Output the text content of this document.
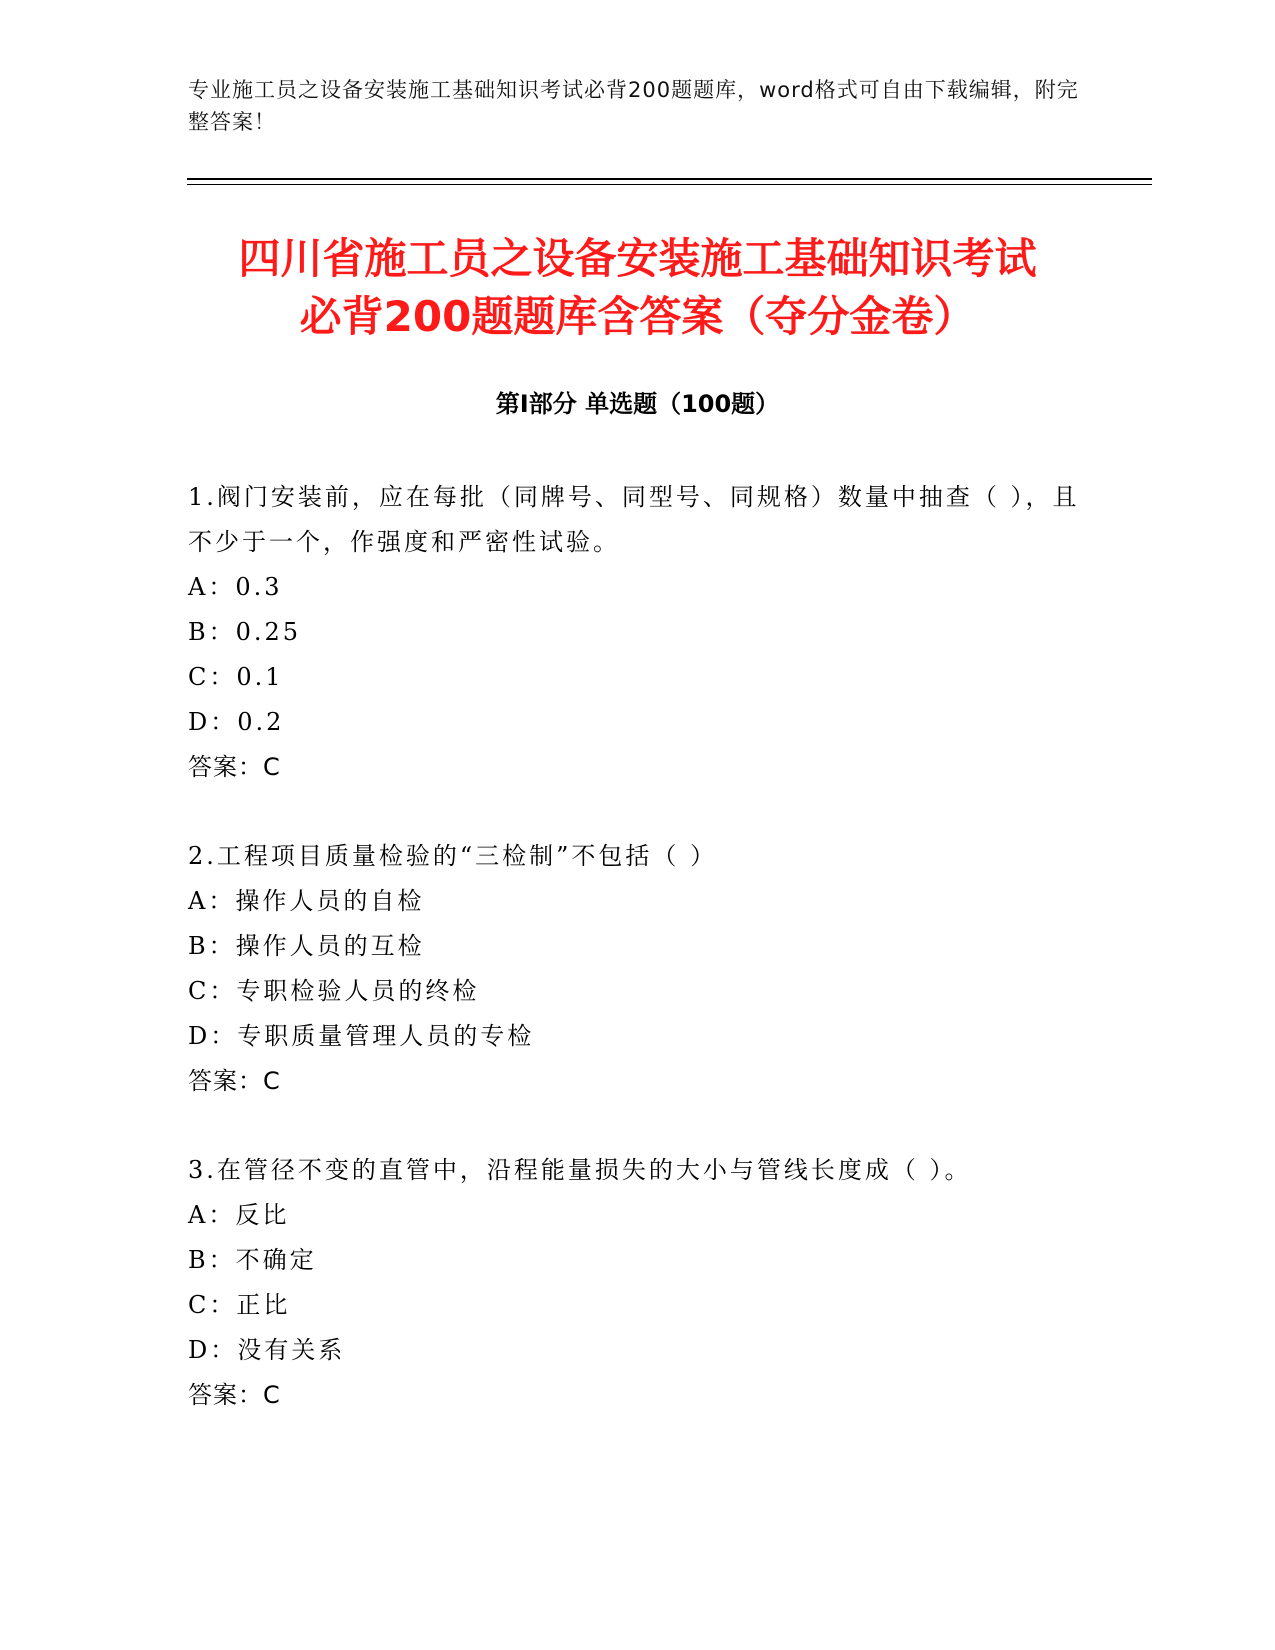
专业施工员之设备安装施工基础知识考试必背200题题库，word格式可自由下载编辑，附完整答案！
四川省施工员之设备安装施工基础知识考试
必背200题题库含答案（夺分金卷）
第Ⅰ部分 单选题（100题）

1.阀门安装前，应在每批（同牌号、同型号、同规格）数量中抽查（ ），且不少于一个，作强度和严密性试验。

A：0.3

B：0.25

C：0.1

D：0.2

答案：C

2.工程项目质量检验的“三检制”不包括（ ）

A：操作人员的自检

B：操作人员的互检

C：专职检验人员的终检

D：专职质量管理人员的专检

答案：C

3.在管径不变的直管中，沿程能量损失的大小与管线长度成（ ）。

A：反比

B：不确定

C：正比

D：没有关系

答案：C
